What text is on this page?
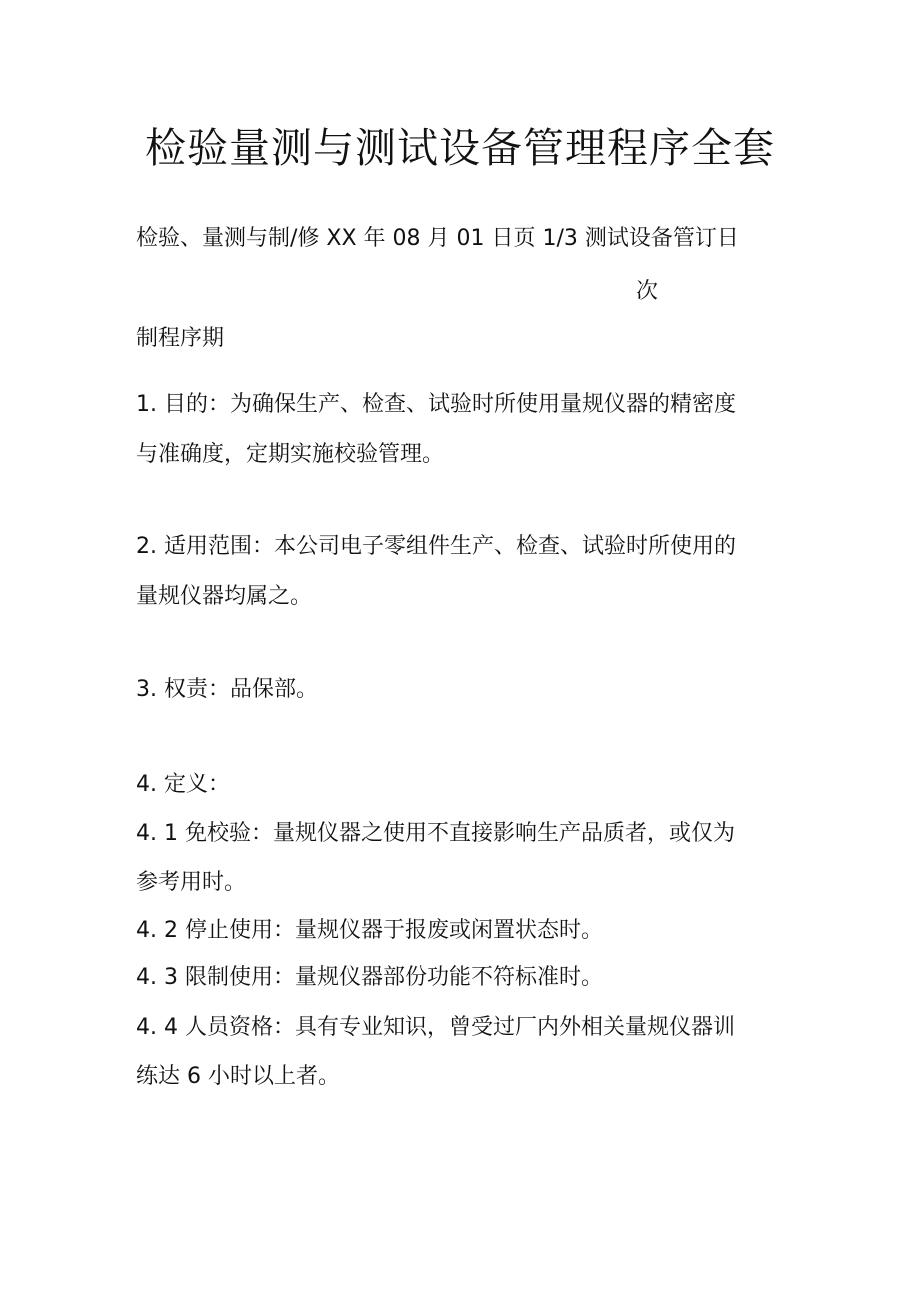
检验量测与测试设备管理程序全套
检验、量测与制/修 XX 年 08 月 01 日页 1/3 测试设备管订日
次
制程序期
1. 目的：为确保生产、检查、试验时所使用量规仪器的精密度
与准确度，定期实施校验管理。
2. 适用范围：本公司电子零组件生产、检查、试验时所使用的
量规仪器均属之。
3. 权责：品保部。
4. 定义：
4. 1 免校验：量规仪器之使用不直接影响生产品质者，或仅为
参考用时。
4. 2 停止使用：量规仪器于报废或闲置状态时。
4. 3 限制使用：量规仪器部份功能不符标准时。
4. 4 人员资格：具有专业知识，曾受过厂内外相关量规仪器训
练达 6 小时以上者。
